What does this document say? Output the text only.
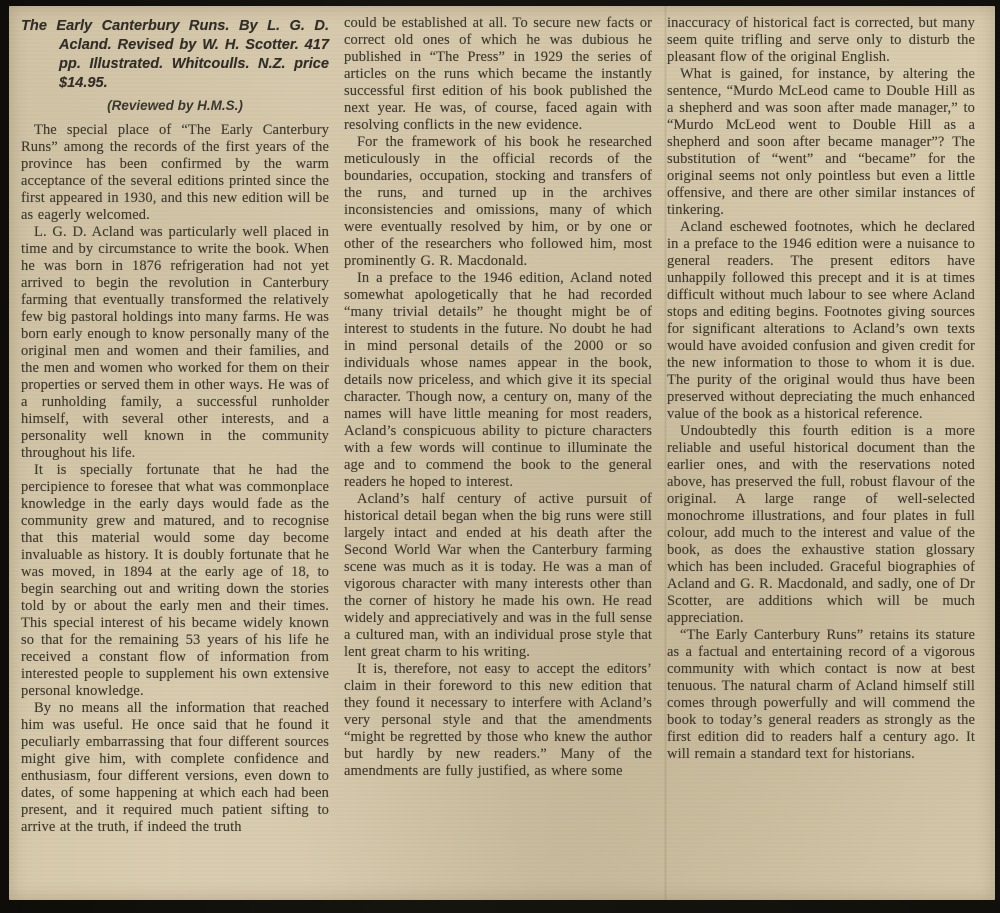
The Early Canterbury Runs. By L. G. D. Acland. Revised by W. H. Scotter. 417 pp. Illustrated. Whitcoulls. N.Z. price $14.95.
(Reviewed by H.M.S.)

The special place of “The Early Canterbury Runs” among the records of the first years of the province has been confirmed by the warm acceptance of the several editions printed since the first appeared in 1930, and this new edition will be as eagerly welcomed.

L. G. D. Acland was particularly well placed in time and by circumstance to write the book. When he was born in 1876 refrigeration had not yet arrived to begin the revolution in Canterbury farming that eventually transformed the relatively few big pastoral holdings into many farms. He was born early enough to know personally many of the original men and women and their families, and the men and women who worked for them on their properties or served them in other ways. He was of a runholding family, a successful runholder himself, with several other interests, and a personality well known in the community throughout his life.

It is specially fortunate that he had the percipience to foresee that what was commonplace knowledge in the early days would fade as the community grew and matured, and to recognise that this material would some day become invaluable as history. It is doubly fortunate that he was moved, in 1894 at the early age of 18, to begin searching out and writing down the stories told by or about the early men and their times. This special interest of his became widely known so that for the remaining 53 years of his life he received a constant flow of information from interested people to supplement his own extensive personal knowledge.

By no means all the information that reached him was useful. He once said that he found it peculiarly embarrassing that four different sources might give him, with complete confidence and enthusiasm, four different versions, even down to dates, of some happening at which each had been present, and it required much patient sifting to arrive at the truth, if indeed the truth

could be established at all. To secure new facts or correct old ones of which he was dubious he published in “The Press” in 1929 the series of articles on the runs which became the instantly successful first edition of his book published the next year. He was, of course, faced again with resolving conflicts in the new evidence.

For the framework of his book he researched meticulously in the official records of the boundaries, occupation, stocking and transfers of the runs, and turned up in the archives inconsistencies and omissions, many of which were eventually resolved by him, or by one or other of the researchers who followed him, most prominently G. R. Macdonald.

In a preface to the 1946 edition, Acland noted somewhat apologetically that he had recorded “many trivial details” he thought might be of interest to students in the future. No doubt he had in mind personal details of the 2000 or so individuals whose names appear in the book, details now priceless, and which give it its special character. Though now, a century on, many of the names will have little meaning for most readers, Acland’s conspicuous ability to picture characters with a few words will continue to illuminate the age and to commend the book to the general readers he hoped to interest.

Acland’s half century of active pursuit of historical detail began when the big runs were still largely intact and ended at his death after the Second World War when the Canterbury farming scene was much as it is today. He was a man of vigorous character with many interests other than the corner of history he made his own. He read widely and appreciatively and was in the full sense a cultured man, with an individual prose style that lent great charm to his writing.

It is, therefore, not easy to accept the editors’ claim in their foreword to this new edition that they found it necessary to interfere with Acland’s very personal style and that the amendments “might be regretted by those who knew the author but hardly by new readers.” Many of the amendments are fully justified, as where some

inaccuracy of historical fact is corrected, but many seem quite trifling and serve only to disturb the pleasant flow of the original English.

What is gained, for instance, by altering the sentence, “Murdo McLeod came to Double Hill as a shepherd and was soon after made manager,” to “Murdo McLeod went to Double Hill as a shepherd and soon after became manager”? The substitution of “went” and “became” for the original seems not only pointless but even a little offensive, and there are other similar instances of tinkering.

Acland eschewed footnotes, which he declared in a preface to the 1946 edition were a nuisance to general readers. The present editors have unhappily followed this precept and it is at times difficult without much labour to see where Acland stops and editing begins. Footnotes giving sources for significant alterations to Acland’s own texts would have avoided confusion and given credit for the new information to those to whom it is due. The purity of the original would thus have been preserved without depreciating the much enhanced value of the book as a historical reference.

Undoubtedly this fourth edition is a more reliable and useful historical document than the earlier ones, and with the reservations noted above, has preserved the full, robust flavour of the original. A large range of well-selected monochrome illustrations, and four plates in full colour, add much to the interest and value of the book, as does the exhaustive station glossary which has been included. Graceful biographies of Acland and G. R. Macdonald, and sadly, one of Dr Scotter, are additions which will be much appreciation.

“The Early Canterbury Runs” retains its stature as a factual and entertaining record of a vigorous community with which contact is now at best tenuous. The natural charm of Acland himself still comes through powerfully and will commend the book to today’s general readers as strongly as the first edition did to readers half a century ago. It will remain a standard text for historians.
